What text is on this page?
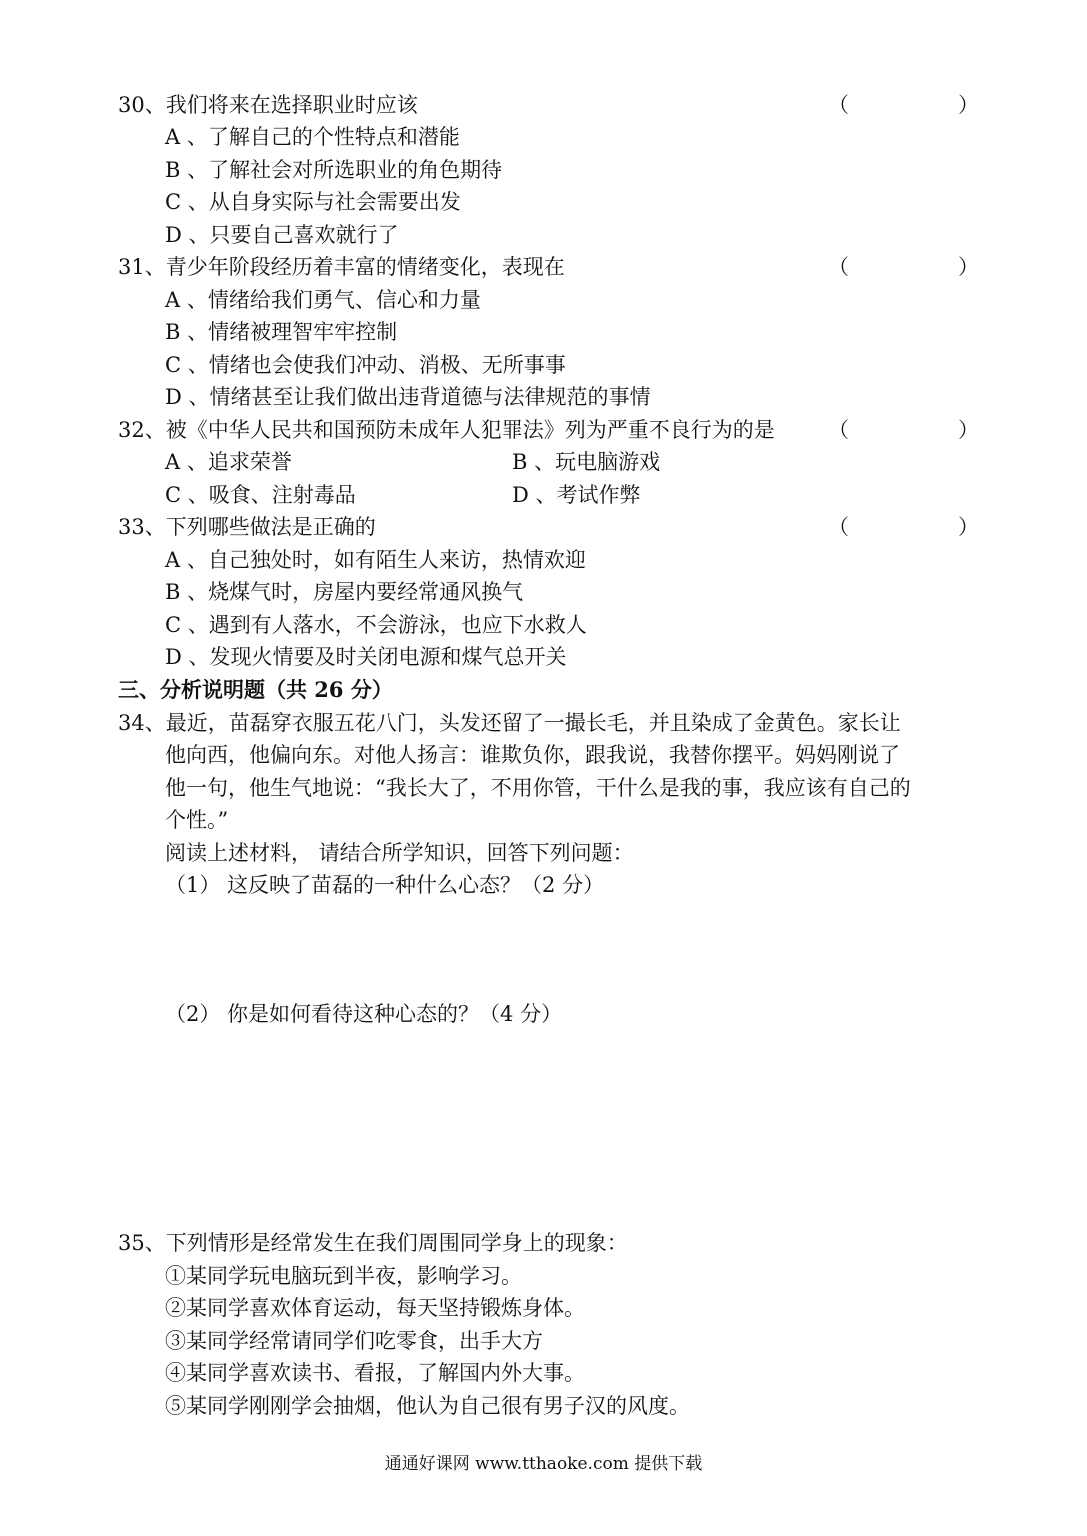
30、我们将来在选择职业时应该	（	）
A 、了解自己的个性特点和潜能
B 、了解社会对所选职业的角色期待
C 、从自身实际与社会需要出发
D 、只要自己喜欢就行了
31、青少年阶段经历着丰富的情绪变化，表现在	（	）
A 、情绪给我们勇气、信心和力量
B 、情绪被理智牢牢控制
C 、情绪也会使我们冲动、消极、无所事事
D 、情绪甚至让我们做出违背道德与法律规范的事情
32、被《中华人民共和国预防未成年人犯罪法》列为严重不良行为的是	（	）
A 、追求荣誉	B 、玩电脑游戏
C 、吸食、注射毒品	D 、考试作弊
33、下列哪些做法是正确的	（	）
A 、自己独处时，如有陌生人来访，热情欢迎
B 、烧煤气时，房屋内要经常通风换气
C 、遇到有人落水，不会游泳，也应下水救人
D 、发现火情要及时关闭电源和煤气总开关
三、分析说明题（共 26 分）
34、最近，苗磊穿衣服五花八门，头发还留了一撮长毛，并且染成了金黄色。家长让
他向西，他偏向东。对他人扬言：谁欺负你，跟我说，我替你摆平。妈妈刚说了
他一句，他生气地说：“我长大了，不用你管，干什么是我的事，我应该有自己的
个性。”
阅读上述材料， 请结合所学知识，回答下列问题：
（1） 这反映了苗磊的一种什么心态？（2 分）
（2） 你是如何看待这种心态的？（4 分）
35、下列情形是经常发生在我们周围同学身上的现象：
①某同学玩电脑玩到半夜，影响学习。
②某同学喜欢体育运动，每天坚持锻炼身体。
③某同学经常请同学们吃零食，出手大方
④某同学喜欢读书、看报，了解国内外大事。
⑤某同学刚刚学会抽烟，他认为自己很有男子汉的风度。
通通好课网 www.tthaoke.com 提供下载
